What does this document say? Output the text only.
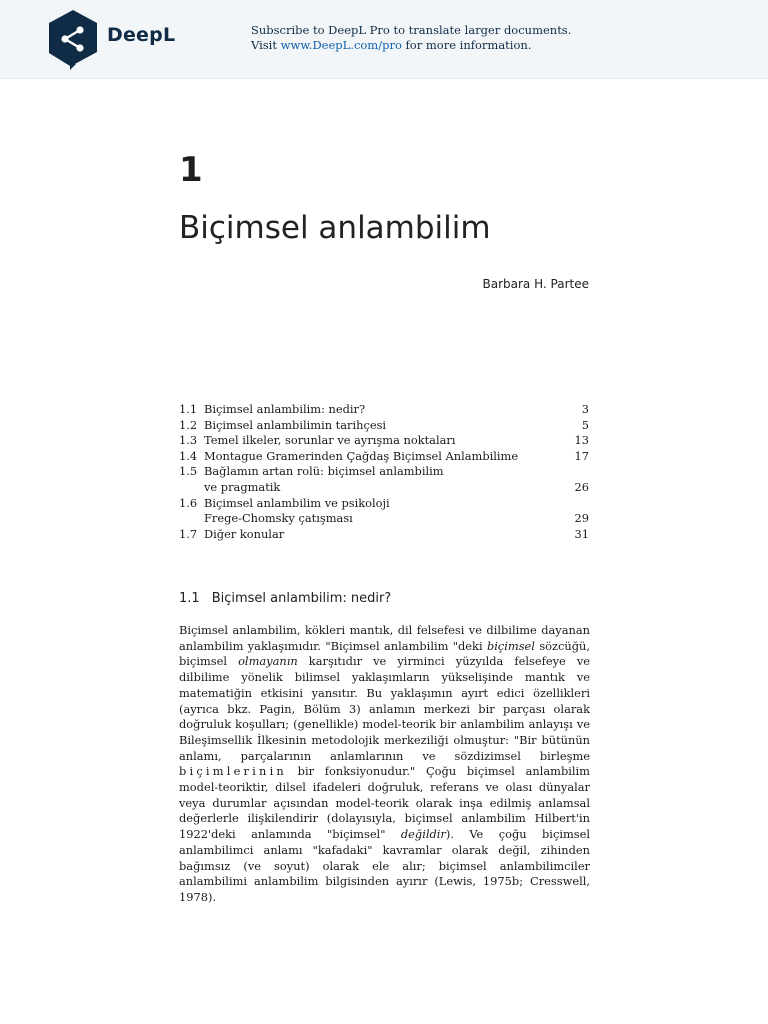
DeepL	Subscribe to DeepL Pro to translate larger documents.
Visit www.DeepL.com/pro for more information.
1
Biçimsel anlambilim
Barbara H. Partee
1.1 Biçimsel anlambilim: nedir?	3
1.2 Biçimsel anlambilimin tarihçesi	5
1.3 Temel ilkeler, sorunlar ve ayrışma noktaları	13
1.4 Montague Gramerinden Çağdaş Biçimsel Anlambilime	17
1.5 Bağlamın artan rolü: biçimsel anlambilim
ve pragmatik	26
1.6 Biçimsel anlambilim ve psikoloji
Frege-Chomsky çatışması	29
1.7 Diğer konular	31
1.1 Biçimsel anlambilim: nedir?

Biçimsel anlambilim, kökleri mantık, dil felsefesi ve dilbilime dayanan anlambilim yaklaşımıdır. "Biçimsel anlambilim "deki biçimsel sözcüğü, biçimsel olmayanın karşıtıdır ve yirminci yüzyılda felsefeye ve dilbilime yönelik bilimsel yaklaşımların yükselişinde mantık ve matematiğin etkisini yansıtır. Bu yaklaşımın ayırt edici özellikleri (ayrıca bkz. Pagin, Bölüm 3) anlamın merkezi bir parçası olarak doğruluk koşulları; (genellikle) model-teorik bir anlambilim anlayışı ve Bileşimsellik İlkesinin metodolojik merkeziliği olmuştur: "Bir bütünün anlamı, parçalarının anlamlarının ve sözdizimsel birleşme biçimlerinin bir fonksiyonudur." Çoğu biçimsel anlambilim model-teoriktir, dilsel ifadeleri doğruluk, referans ve olası dünyalar veya durumlar açısından model-teorik olarak inşa edilmiş anlamsal değerlerle ilişkilendirir (dolayısıyla, biçimsel anlambilim Hilbert'in 1922'deki anlamında "biçimsel" değildir). Ve çoğu biçimsel anlambilimci anlamı "kafadaki" kavramlar olarak değil, zihinden bağımsız (ve soyut) olarak ele alır; biçimsel anlambilimciler anlambilimi anlambilim bilgisinden ayırır (Lewis, 1975b; Cresswell, 1978).
